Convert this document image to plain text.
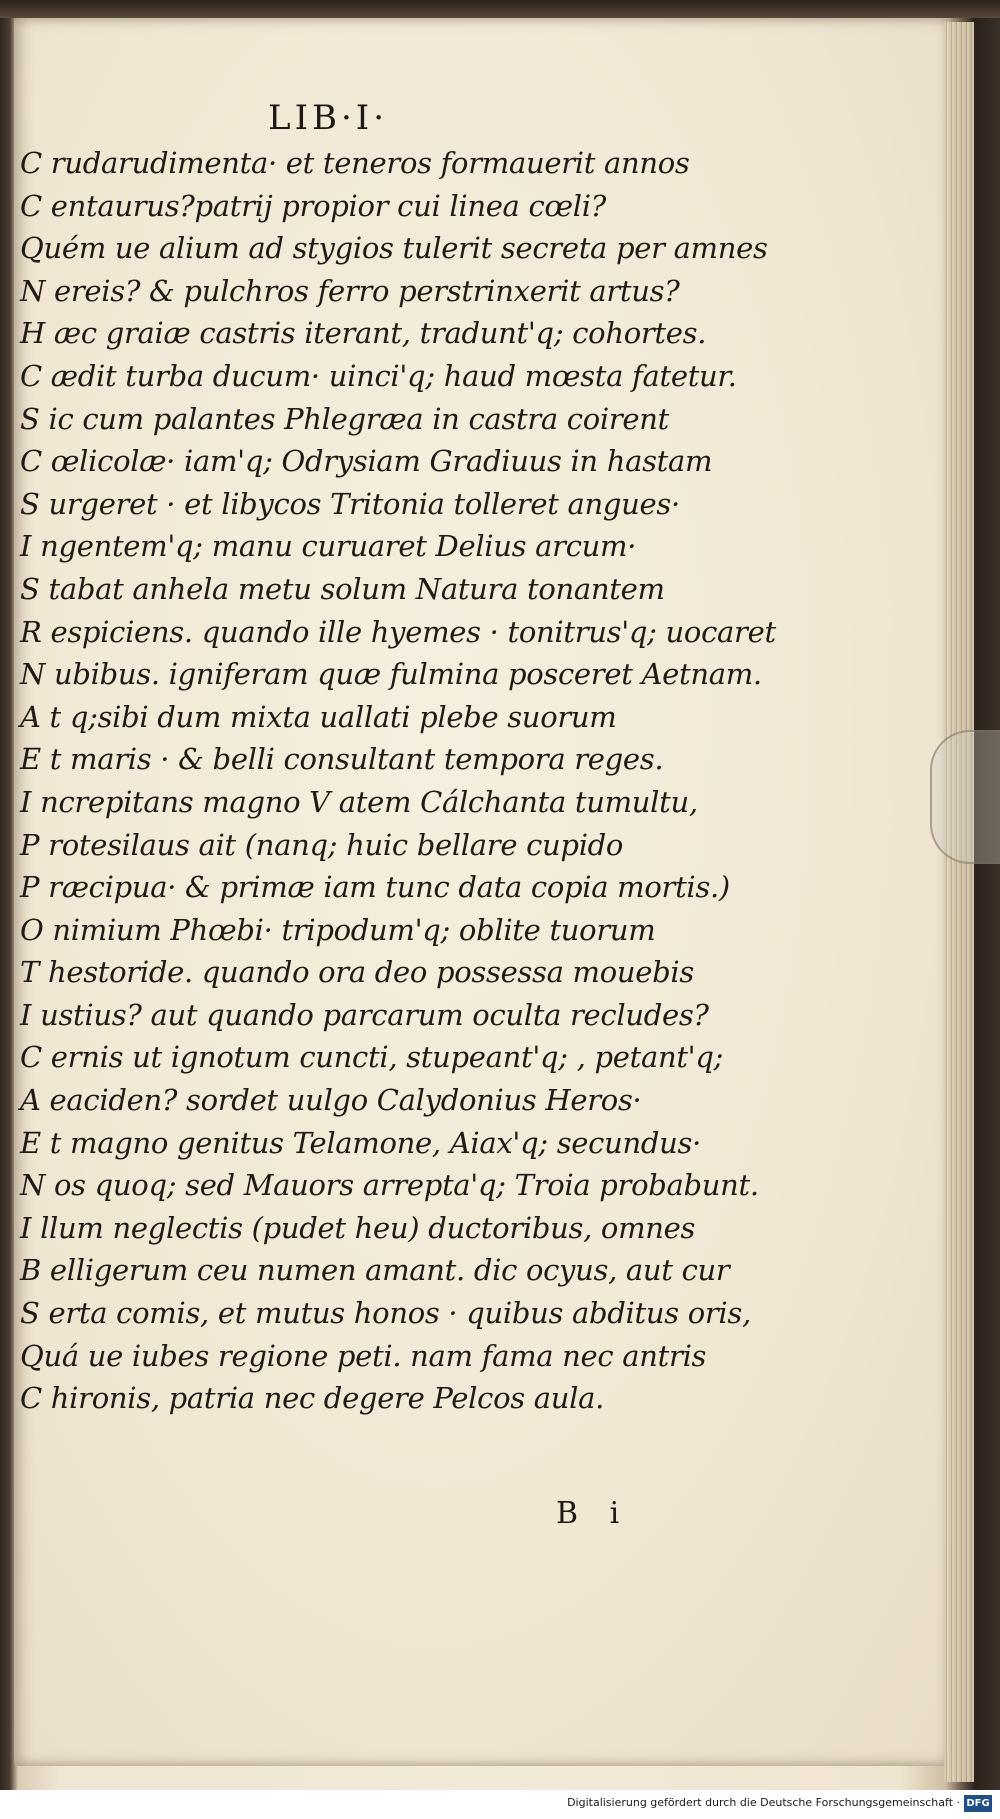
LIB·I·
C rudarudimenta· et teneros formauerit annos
C entaurus?patrij propior cui linea cœli?
Quém ue alium ad stygios tulerit secreta per amnes
N ereis? & pulchros ferro perstrinxerit artus?
H æc graiæ castris iterant, tradunt'q; cohortes.
C ædit turba ducum· uinci'q; haud mœsta fatetur.
S ic cum palantes Phlegræa in castra coirent
C œlicolæ· iam'q; Odrysiam Gradiuus in hastam
S urgeret · et libycos Tritonia tolleret angues·
I ngentem'q; manu curuaret Delius arcum·
S tabat anhela metu solum Natura tonantem
R espiciens. quando ille hyemes · tonitrus'q; uocaret
N ubibus. igniferam quæ fulmina posceret Aetnam.
A t q;sibi dum mixta uallati plebe suorum
E t maris · & belli consultant tempora reges.
I ncrepitans magno V atem Cálchanta tumultu,
P rotesilaus ait (nanq; huic bellare cupido
P ræcipua· & primæ iam tunc data copia mortis.)
O nimium Phœbi· tripodum'q; oblite tuorum
T hestoride. quando ora deo possessa mouebis
I ustius? aut quando parcarum oculta recludes?
C ernis ut ignotum cuncti, stupeant'q; , petant'q;
A eaciden? sordet uulgo Calydonius Heros·
E t magno genitus Telamone, Aiax'q; secundus·
N os quoq; sed Mauors arrepta'q; Troia probabunt.
I llum neglectis (pudet heu) ductoribus, omnes
B elligerum ceu numen amant. dic ocyus, aut cur
S erta comis, et mutus honos · quibus abditus oris,
Quá ue iubes regione peti. nam fama nec antris
C hironis, patria nec degere Pelcos aula.
B i
Digitalisierung gefördert durch die Deutsche Forschungsgemeinschaft · DFG
